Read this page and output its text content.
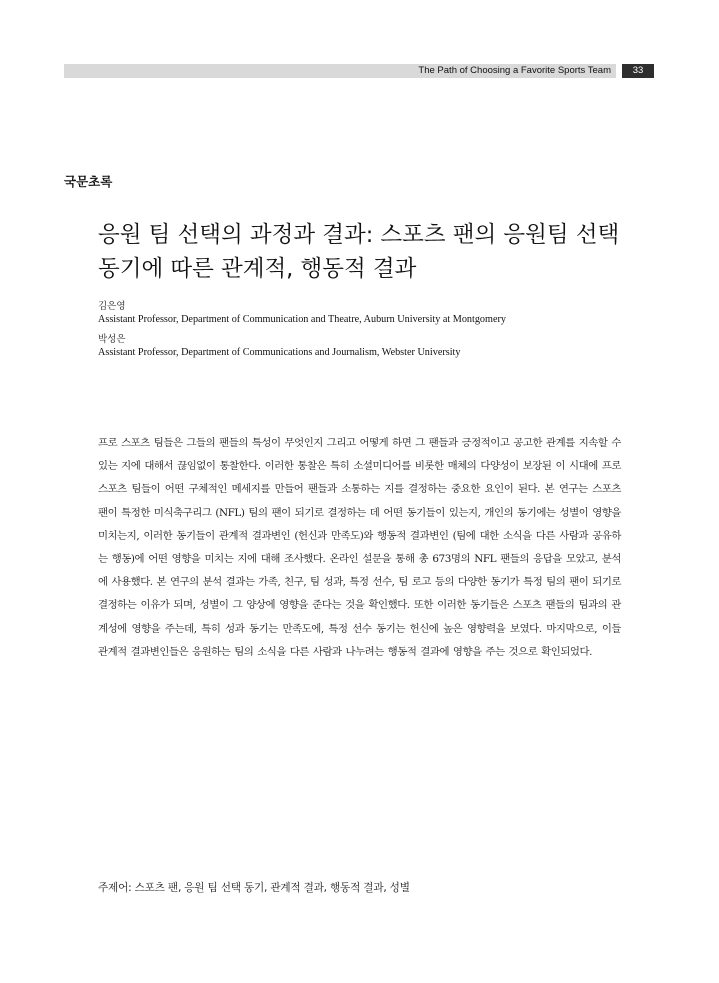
The Path of Choosing a Favorite Sports Team	33
국문초록
응원 팀 선택의 과정과 결과: 스포츠 팬의 응원팀 선택 동기에 따른 관계적, 행동적 결과
김은영
Assistant Professor, Department of Communication and Theatre, Auburn University at Montgomery
박성은
Assistant Professor, Department of Communications and Journalism, Webster University

프로 스포츠 팀들은 그들의 팬들의 특성이 무엇인지 그리고 어떻게 하면 그 팬들과 긍정적이고 공고한 관계를 지속할 수 있는 지에 대해서 끊임없이 통찰한다. 이러한 통찰은 특히 소셜미디어를 비롯한 매체의 다양성이 보장된 이 시대에 프로 스포츠 팀들이 어떤 구체적인 메세지를 만들어 팬들과 소통하는 지를 결정하는 중요한 요인이 된다. 본 연구는 스포츠 팬이 특정한 미식축구리그 (NFL) 팀의 팬이 되기로 결정하는 데 어떤 동기들이 있는지, 개인의 동기에는 성별이 영향을 미치는지, 이러한 동기들이 관계적 결과변인 (헌신과 만족도)와 행동적 결과변인 (팀에 대한 소식을 다른 사람과 공유하는 행동)에 어떤 영향을 미치는 지에 대해 조사했다. 온라인 설문을 통해 총 673명의 NFL 팬들의 응답을 모았고, 분석에 사용했다. 본 연구의 분석 결과는 가족, 친구, 팀 성과, 특정 선수, 팀 로고 등의 다양한 동기가 특정 팀의 팬이 되기로 결정하는 이유가 되며, 성별이 그 양상에 영향을 준다는 것을 확인했다. 또한 이러한 동기들은 스포츠 팬들의 팀과의 관계성에 영향을 주는데, 특히 성과 동기는 만족도에, 특정 선수 동기는 헌신에 높은 영향력을 보였다. 마지막으로, 이들 관계적 결과변인들은 응원하는 팀의 소식을 다른 사람과 나누려는 행동적 결과에 영향을 주는 것으로 확인되었다.

주제어: 스포츠 팬, 응원 팀 선택 동기, 관계적 결과, 행동적 결과, 성별
